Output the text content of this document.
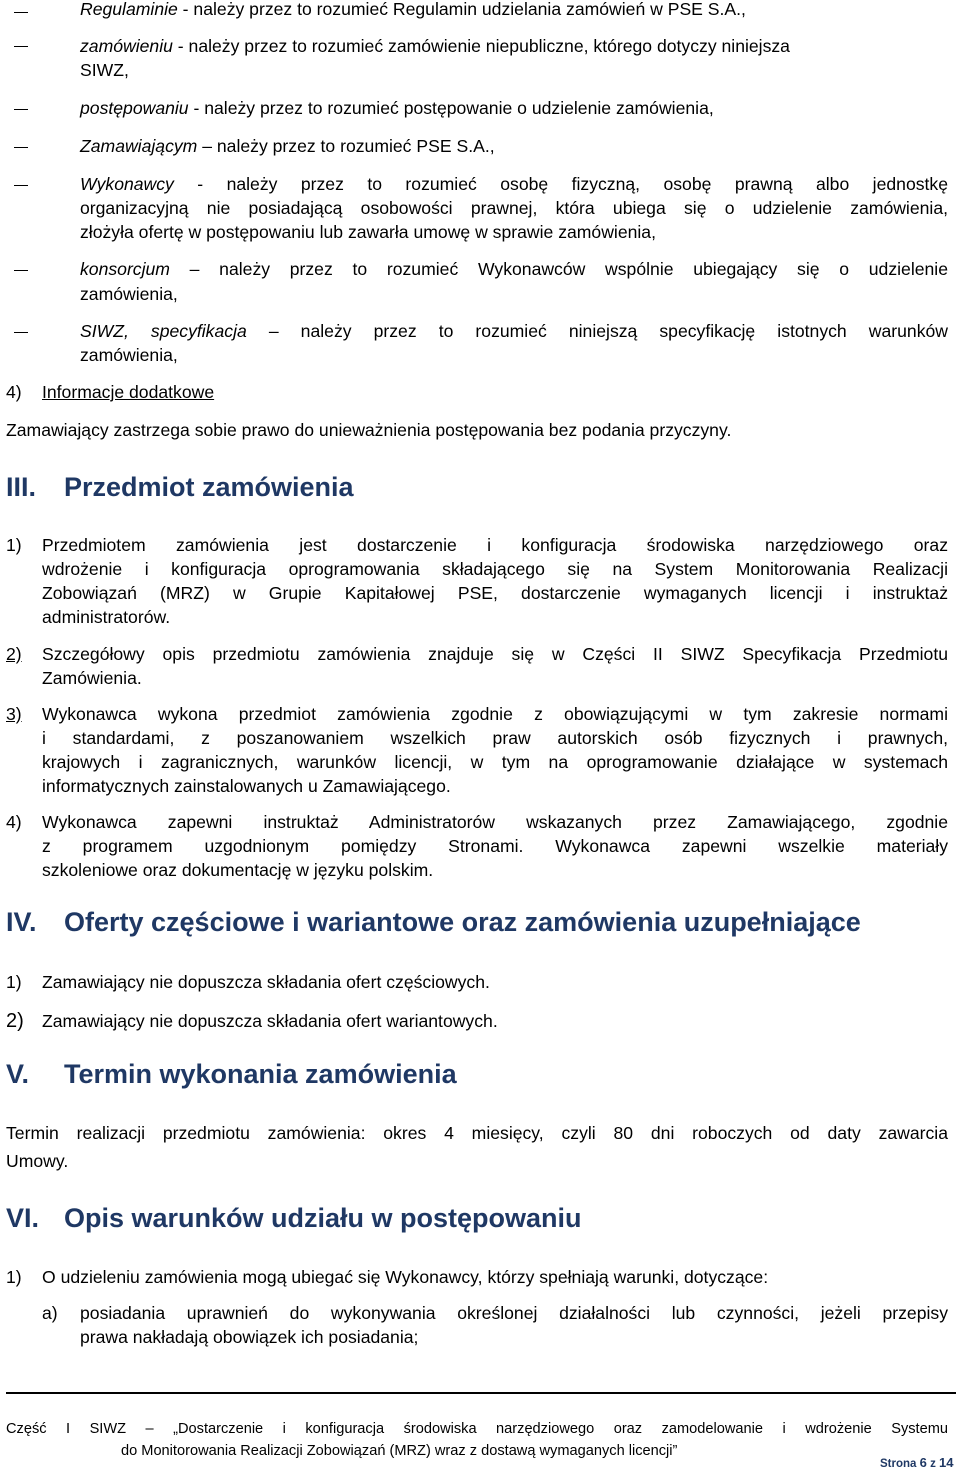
Regulaminie - należy przez to rozumieć Regulamin udzielania zamówień w PSE S.A.,
zamówieniu - należy przez to rozumieć zamówienie niepubliczne, którego dotyczy niniejsza
SIWZ,
postępowaniu - należy przez to rozumieć postępowanie o udzielenie zamówienia,
Zamawiającym – należy przez to rozumieć PSE S.A.,
Wykonawcy - należy przez to rozumieć osobę fizyczną, osobę prawną albo jednostkę
organizacyjną nie posiadającą osobowości prawnej, która ubiega się o udzielenie zamówienia,
złożyła ofertę w postępowaniu lub zawarła umowę w sprawie zamówienia,
konsorcjum – należy przez to rozumieć Wykonawców wspólnie ubiegający się o udzielenie
zamówienia,
SIWZ, specyfikacja – należy przez to rozumieć niniejszą specyfikację istotnych warunków
zamówienia,
4) Informacje dodatkowe
Zamawiający zastrzega sobie prawo do unieważnienia postępowania bez podania przyczyny.
III. Przedmiot zamówienia
1) Przedmiotem zamówienia jest dostarczenie i konfiguracja środowiska narzędziowego oraz
wdrożenie i konfiguracja oprogramowania składającego się na System Monitorowania Realizacji
Zobowiązań (MRZ) w Grupie Kapitałowej PSE, dostarczenie wymaganych licencji i instruktaż
administratorów.
2) Szczegółowy opis przedmiotu zamówienia znajduje się w Części II SIWZ Specyfikacja Przedmiotu
Zamówienia.
3) Wykonawca wykona przedmiot zamówienia zgodnie z obowiązującymi w tym zakresie normami
i standardami, z poszanowaniem wszelkich praw autorskich osób fizycznych i prawnych,
krajowych i zagranicznych, warunków licencji, w tym na oprogramowanie działające w systemach
informatycznych zainstalowanych u Zamawiającego.
4) Wykonawca zapewni instruktaż Administratorów wskazanych przez Zamawiającego, zgodnie
z programem uzgodnionym pomiędzy Stronami. Wykonawca zapewni wszelkie materiały
szkoleniowe oraz dokumentację w języku polskim.
IV. Oferty częściowe i wariantowe oraz zamówienia uzupełniające
1) Zamawiający nie dopuszcza składania ofert częściowych.
2) Zamawiający nie dopuszcza składania ofert wariantowych.
V. Termin wykonania zamówienia
Termin realizacji przedmiotu zamówienia: okres 4 miesięcy, czyli 80 dni roboczych od daty zawarcia
Umowy.
VI. Opis warunków udziału w postępowaniu
1) O udzieleniu zamówienia mogą ubiegać się Wykonawcy, którzy spełniają warunki, dotyczące:
a) posiadania uprawnień do wykonywania określonej działalności lub czynności, jeżeli przepisy
prawa nakładają obowiązek ich posiadania;
Część I SIWZ – „Dostarczenie i konfiguracja środowiska narzędziowego oraz zamodelowanie i wdrożenie Systemu
do Monitorowania Realizacji Zobowiązań (MRZ) wraz z dostawą wymaganych licencji”
Strona 6 z 14
